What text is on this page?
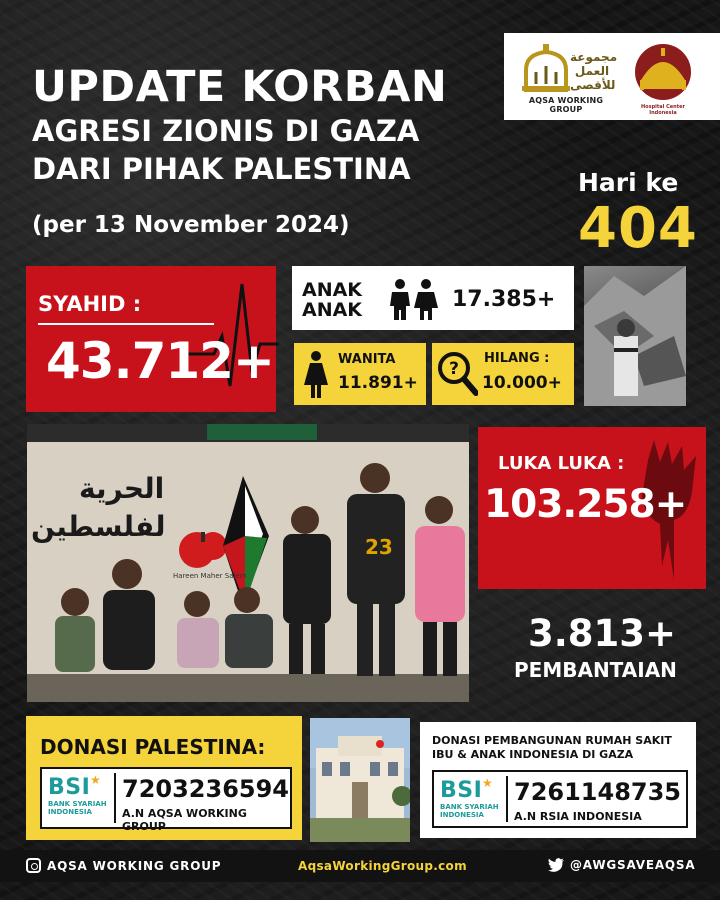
UPDATE KORBAN
AGRESI ZIONIS DI GAZA
DARI PIHAK PALESTINA
(per 13 November 2024)
مجموعة العمل للأقصى
AQSA WORKING GROUP	Hospital Center Indonesia
Hari ke
404
SYAHID :
43.712+
ANAK
ANAK	17.385+
WANITA
11.891+
?
HILANG :
10.000+
الحرية
لفلسطين
Hareen Maher Salem
23
LUKA LUKA :
103.258+
3.813+
PEMBANTAIAN
DONASI PALESTINA:
BSI ★
BANK SYARIAH
INDONESIA
7203236594
A.N AQSA WORKING GROUP
DONASI PEMBANGUNAN RUMAH SAKIT
IBU & ANAK INDONESIA DI GAZA
BSI ★
BANK SYARIAH
INDONESIA
7261148735
A.N RSIA INDONESIA
AQSA WORKING GROUP	AqsaWorkingGroup.com	@AWGSAVEAQSA
